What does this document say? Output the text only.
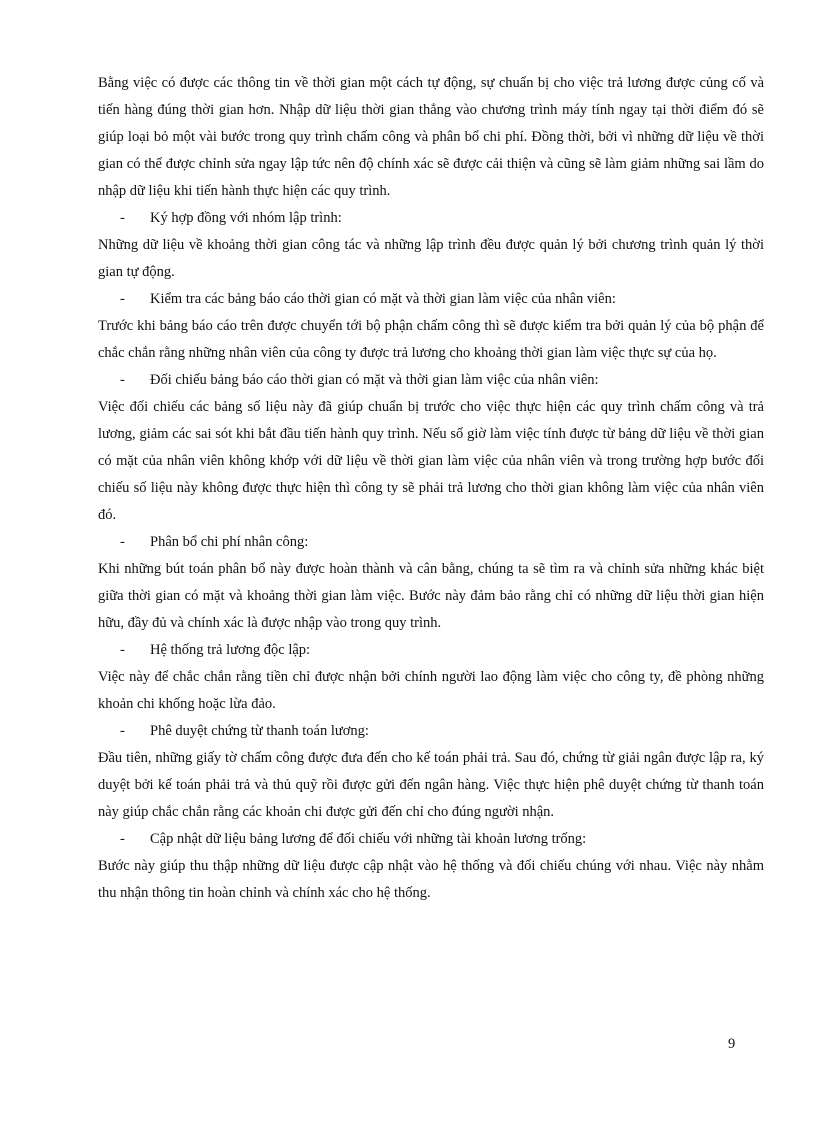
Bằng việc có được các thông tin về thời gian một cách tự động, sự chuẩn bị cho việc trả lương được củng cố và tiến hàng đúng thời gian hơn. Nhập dữ liệu thời gian thẳng vào chương trình máy tính ngay tại thời điểm đó sẽ giúp loại bỏ một vài bước trong quy trình chấm công và phân bổ chi phí. Đồng thời, bởi vì những dữ liệu về thời gian có thể được chỉnh sửa ngay lập tức nên độ chính xác sẽ được cải thiện và cũng sẽ làm giảm những sai lầm do nhập dữ liệu khi tiến hành thực hiện các quy trình.

-	Ký hợp đồng với nhóm lập trình:

Những dữ liệu về khoảng thời gian công tác và những lập trình đều được quản lý bởi chương trình quản lý thời gian tự động.

-	Kiểm tra các bảng báo cáo thời gian có mặt và thời gian làm việc của nhân viên:

Trước khi bảng báo cáo trên được chuyển tới bộ phận chấm công thì sẽ được kiểm tra bởi quản lý của bộ phận để chắc chắn rằng những nhân viên của công ty được trả lương cho khoảng thời gian làm việc thực sự của họ.

-	Đối chiếu bảng báo cáo thời gian có mặt và thời gian làm việc của nhân viên:

Việc đối chiếu các bảng số liệu này đã giúp chuẩn bị trước cho việc thực hiện các quy trình chấm công và trả lương, giảm các sai sót khi bắt đầu tiến hành quy trình. Nếu số giờ làm việc tính được từ bảng dữ liệu về thời gian có mặt của nhân viên không khớp với dữ liệu về thời gian làm việc của nhân viên và trong trường hợp bước đối chiếu số liệu này không được thực hiện thì công ty sẽ phải trả lương cho thời gian không làm việc của nhân viên đó.

-	Phân bổ chi phí nhân công:

Khi những bút toán phân bổ này được hoàn thành và cân bằng, chúng ta sẽ tìm ra và chỉnh sửa những khác biệt giữa thời gian có mặt và khoảng thời gian làm việc. Bước này đảm bảo rằng chỉ có những dữ liệu thời gian hiện hữu, đầy đủ và chính xác là được nhập vào trong quy trình.

-	Hệ thống trả lương độc lập:

Việc này để chắc chắn rằng tiền chỉ được nhận bởi chính người lao động làm việc cho công ty, đề phòng những khoản chi khống hoặc lừa đảo.

-	Phê duyệt chứng từ thanh toán lương:

Đầu tiên, những giấy tờ chấm công được đưa đến cho kế toán phải trả. Sau đó, chứng từ giải ngân được lập ra, ký duyệt bởi kế toán phải trả và thủ quỹ rồi được gửi đến ngân hàng. Việc thực hiện phê duyệt chứng từ thanh toán này giúp chắc chắn rằng các khoản chi được gửi đến chỉ cho đúng người nhận.

-	Cập nhật dữ liệu bảng lương để đối chiếu với những tài khoản lương trống:

Bước này giúp thu thập những dữ liệu được cập nhật vào hệ thống và đối chiếu chúng với nhau. Việc này nhằm thu nhận thông tin hoàn chỉnh và chính xác cho hệ thống.

9
